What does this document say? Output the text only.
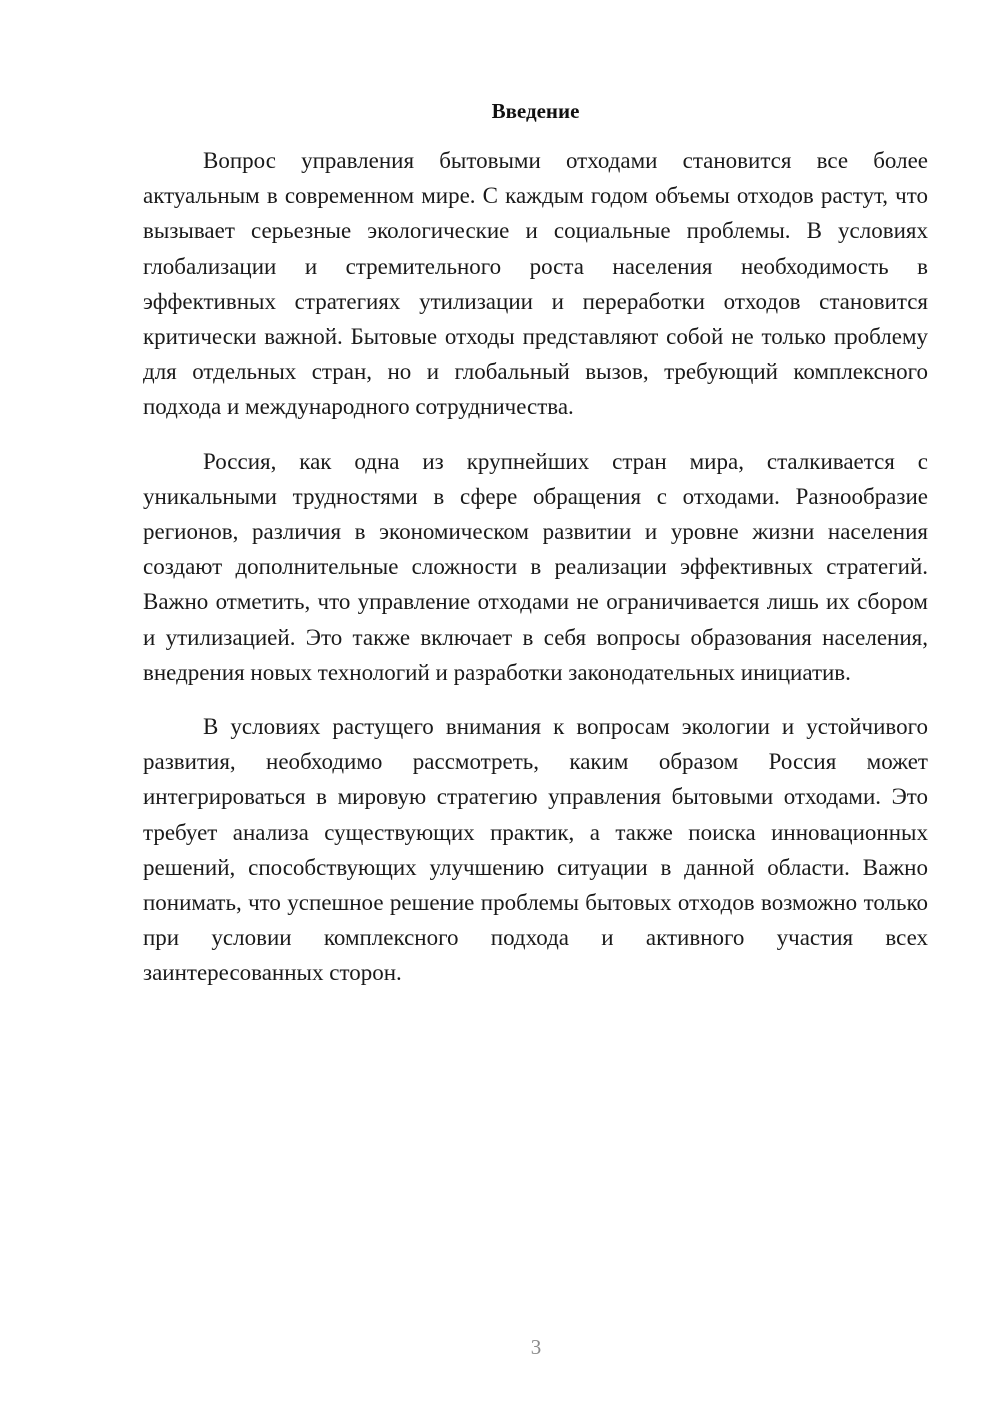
Введение

Вопрос управления бытовыми отходами становится все более актуальным в современном мире. С каждым годом объемы отходов растут, что вызывает серьезные экологические и социальные проблемы. В условиях глобализации и стремительного роста населения необходимость в эффективных стратегиях утилизации и переработки отходов становится критически важной. Бытовые отходы представляют собой не только проблему для отдельных стран, но и глобальный вызов, требующий комплексного подхода и международного сотрудничества.

Россия, как одна из крупнейших стран мира, сталкивается с уникальными трудностями в сфере обращения с отходами. Разнообразие регионов, различия в экономическом развитии и уровне жизни населения создают дополнительные сложности в реализации эффективных стратегий. Важно отметить, что управление отходами не ограничивается лишь их сбором и утилизацией. Это также включает в себя вопросы образования населения, внедрения новых технологий и разработки законодательных инициатив.

В условиях растущего внимания к вопросам экологии и устойчивого развития, необходимо рассмотреть, каким образом Россия может интегрироваться в мировую стратегию управления бытовыми отходами. Это требует анализа существующих практик, а также поиска инновационных решений, способствующих улучшению ситуации в данной области. Важно понимать, что успешное решение проблемы бытовых отходов возможно только при условии комплексного подхода и активного участия всех заинтересованных сторон.

3
